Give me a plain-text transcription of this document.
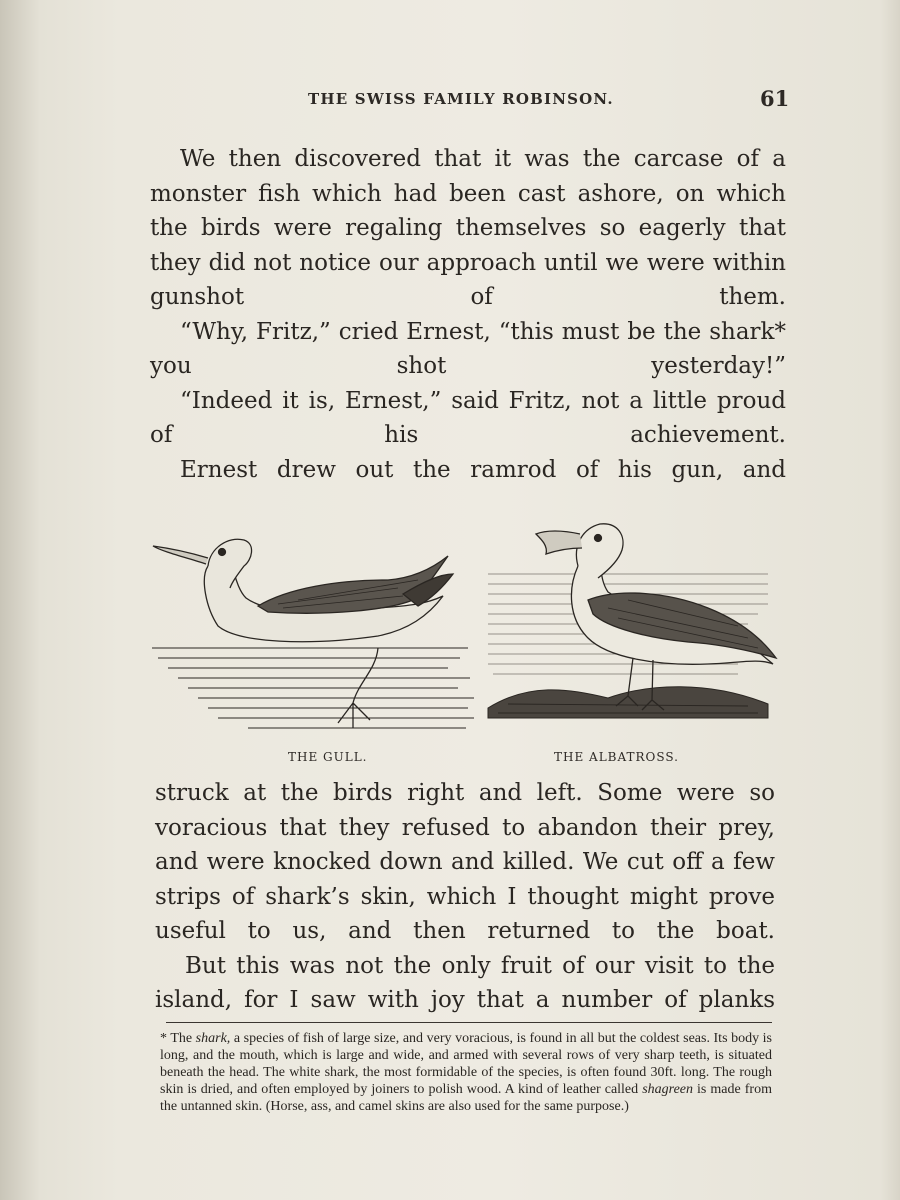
THE SWISS FAMILY ROBINSON.	61

We then discovered that it was the carcase of a monster fish which had been cast ashore, on which the birds were regaling themselves so eagerly that they did not notice our approach until we were within gunshot of them.

“Why, Fritz,” cried Ernest, “this must be the shark* you shot yesterday!”

“Indeed it is, Ernest,” said Fritz, not a little proud of his achievement.

Ernest drew out the ramrod of his gun, and

THE GULL.	THE ALBATROSS.

struck at the birds right and left. Some were so voracious that they refused to abandon their prey, and were knocked down and killed. We cut off a few strips of shark’s skin, which I thought might prove useful to us, and then returned to the boat.

But this was not the only fruit of our visit to the island, for I saw with joy that a number of planks

* The shark, a species of fish of large size, and very voracious, is found in all but the coldest seas. Its body is long, and the mouth, which is large and wide, and armed with several rows of very sharp teeth, is situated beneath the head. The white shark, the most formidable of the species, is often found 30ft. long. The rough skin is dried, and often employed by joiners to polish wood. A kind of leather called shagreen is made from the untanned skin. (Horse, ass, and camel skins are also used for the same purpose.)
